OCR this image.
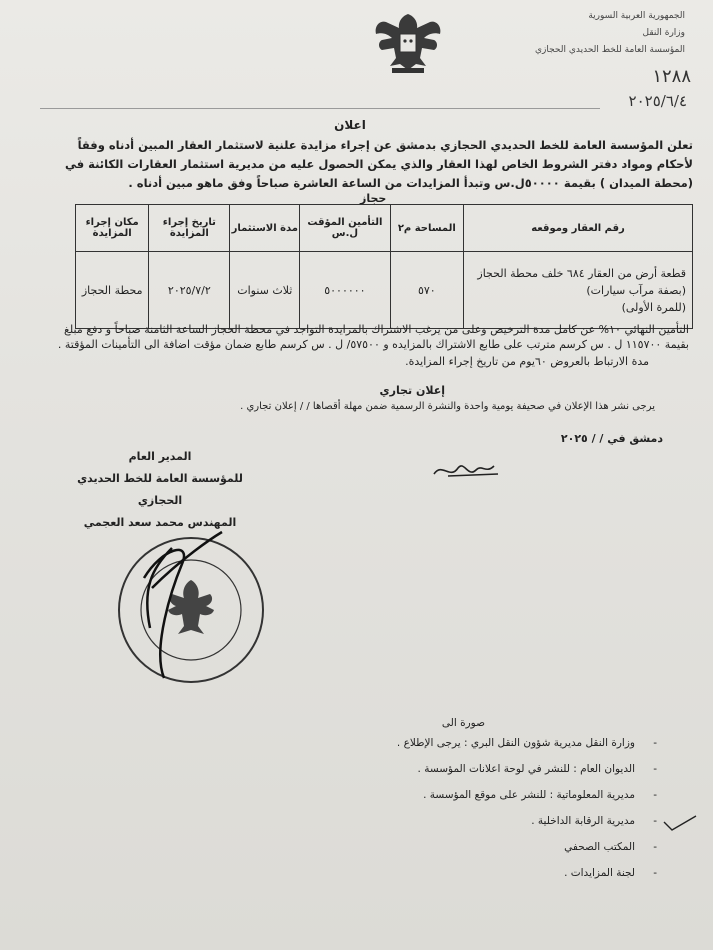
الجمهورية العربية السورية
وزارة النقل
المؤسسة العامة للخط الحديدي الحجازي
١٢٨٨
٢٠٢٥/٦/٤
اعلان
تعلن المؤسسة العامة للخط الحديدي الحجازي بدمشق عن إجراء مزايدة علنية لاستثمار العقار المبين أدناه وفقاً لأحكام ومواد دفتر الشروط الخاص لهذا العقار والذي يمكن الحصول عليه من مديرية استثمار العقارات الكائنة في (محطة الميدان ) بقيمة ٥٠٠٠٠ل.س وتبدأ المزايدات من الساعة العاشرة صباحاً وفق ماهو مبين أدناه .
حجاز
رقم العقار وموقعه	المساحة م٢	التأمين المؤقت ل.س	مدة الاستثمار	تاريخ إجراء المزايدة	مكان إجراء المزايدة

قطعة أرض من العقار ٦٨٤ خلف محطة الحجاز
(بصفة مرآب سيارات)
(للمرة الأولى)	٥٧٠	٥٠٠٠٠٠٠	ثلاث سنوات	٢٠٢٥/٧/٢	محطة الحجاز

التأمين النهائي ١٠% عن كامل مدة الترخيص وعلى من يرغب الاشتراك بالمزايدة التواجد في محطة الحجاز الساعة الثامنة صباحاً و دفع مبلغ بقيمة ١١٥٧٠٠ ل . س كرسم مترتب على طابع الاشتراك بالمزايده و ٥٧٥٠٠/ ل . س كرسم طابع ضمان مؤقت اضافة الى التأمينات المؤقتة .

مدة الارتباط بالعروض ٦٠يوم من تاريخ إجراء المزايدة.

إعلان تجاري
يرجى نشر هذا الإعلان في صحيفة يومية واحدة والنشرة الرسمية ضمن مهلة أقصاها / / إعلان تجاري .
دمشق في / / ٢٠٢٥
المدير العام
للمؤسسة العامة للخط الحديدي الحجازي
المهندس محمد سعد العجمي
صورة الى
وزارة النقل مديرية شؤون النقل البري : يرجى الإطلاع . -
الديوان العام : للنشر في لوحة اعلانات المؤسسة . -
مديرية المعلوماتية : للنشر على موقع المؤسسة . -
مديرية الرقابة الداخلية . -
المكتب الصحفي -
لجنة المزايدات . -
